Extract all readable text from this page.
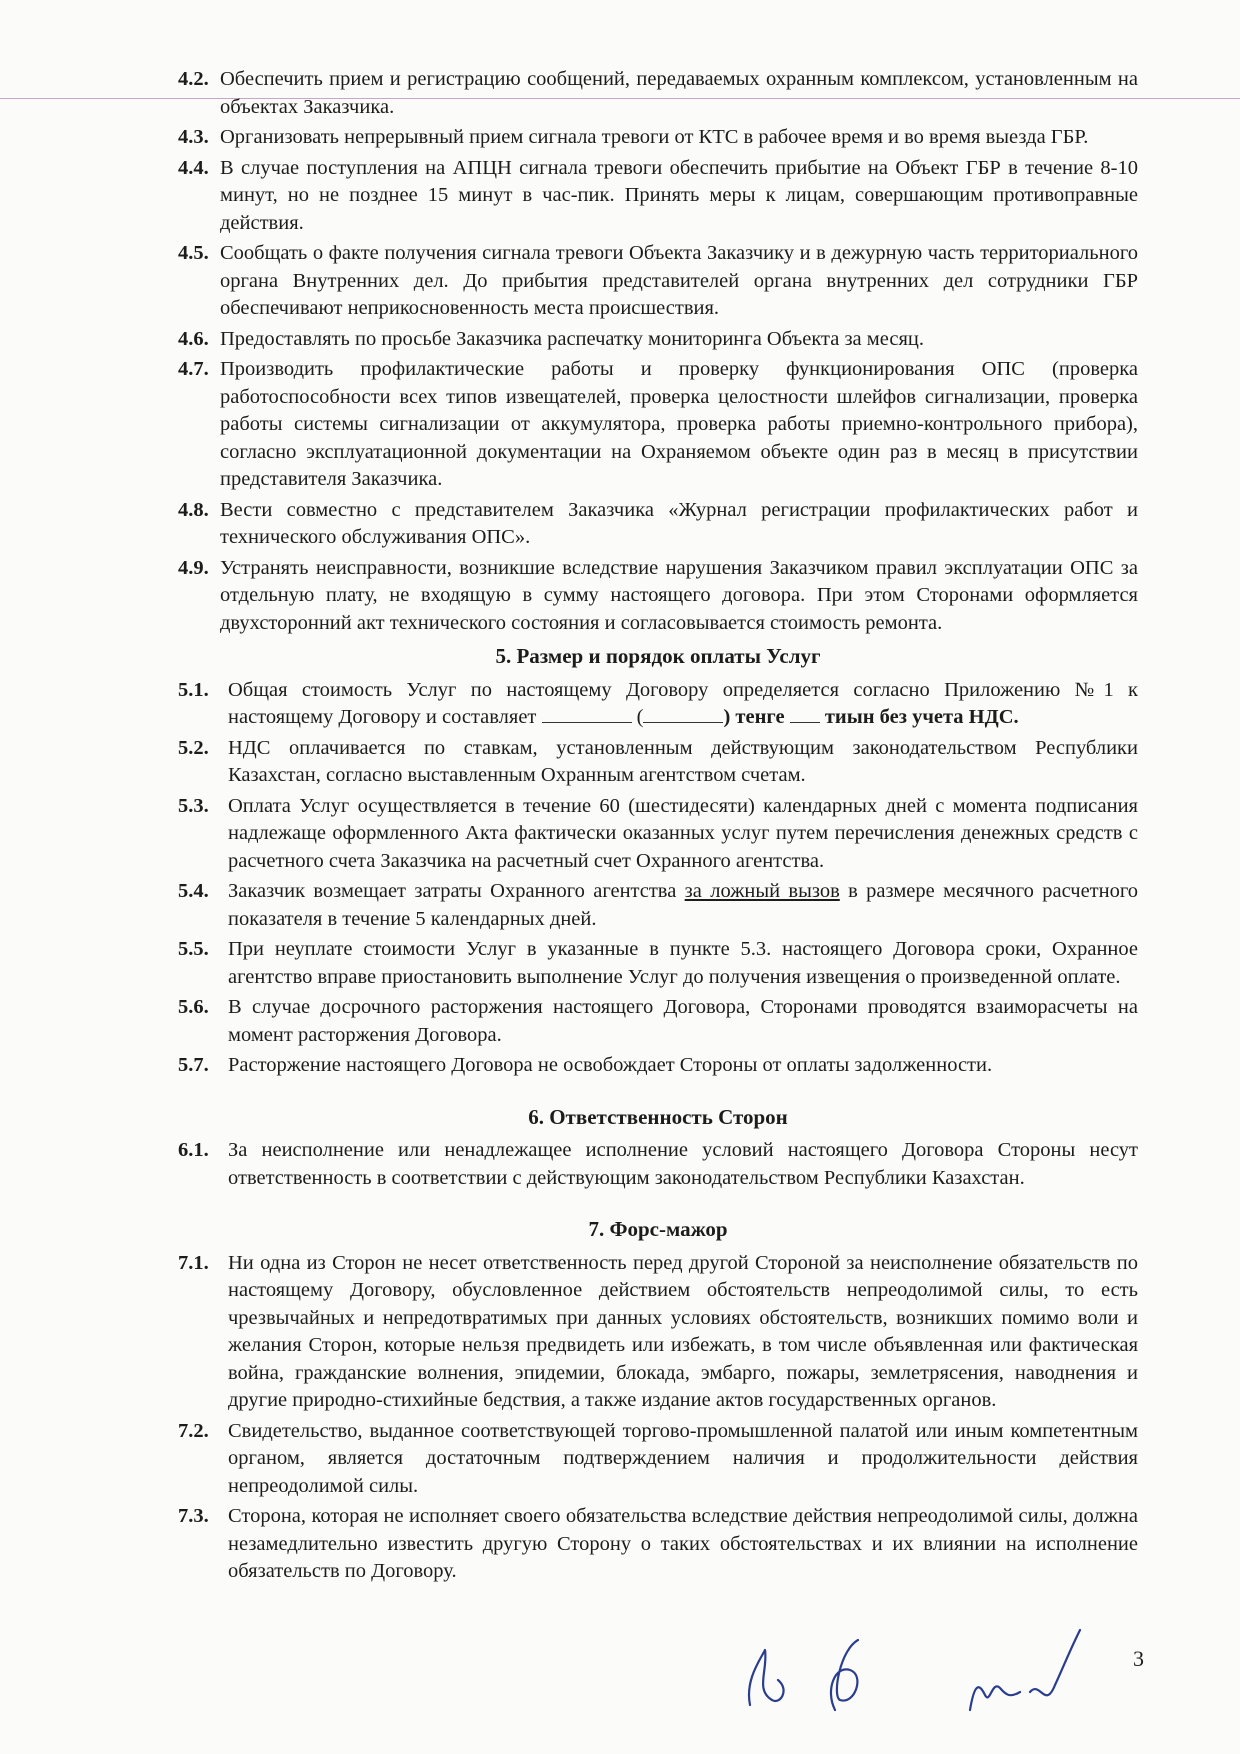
4.2. Обеспечить прием и регистрацию сообщений, передаваемых охранным комплексом, установленным на объектах Заказчика.
4.3. Организовать непрерывный прием сигнала тревоги от КТС в рабочее время и во время выезда ГБР.
4.4. В случае поступления на АПЦН сигнала тревоги обеспечить прибытие на Объект ГБР в течение 8-10 минут, но не позднее 15 минут в час-пик. Принять меры к лицам, совершающим противоправные действия.
4.5. Сообщать о факте получения сигнала тревоги Объекта Заказчику и в дежурную часть территориального органа Внутренних дел. До прибытия представителей органа внутренних дел сотрудники ГБР обеспечивают неприкосновенность места происшествия.
4.6. Предоставлять по просьбе Заказчика распечатку мониторинга Объекта за месяц.
4.7. Производить профилактические работы и проверку функционирования ОПС (проверка работоспособности всех типов извещателей, проверка целостности шлейфов сигнализации, проверка работы системы сигнализации от аккумулятора, проверка работы приемно-контрольного прибора), согласно эксплуатационной документации на Охраняемом объекте один раз в месяц в присутствии представителя Заказчика.
4.8. Вести совместно с представителем Заказчика «Журнал регистрации профилактических работ и технического обслуживания ОПС».
4.9. Устранять неисправности, возникшие вследствие нарушения Заказчиком правил эксплуатации ОПС за отдельную плату, не входящую в сумму настоящего договора. При этом Сторонами оформляется двухсторонний акт технического состояния и согласовывается стоимость ремонта.
5. Размер и порядок оплаты Услуг
5.1. Общая стоимость Услуг по настоящему Договору определяется согласно Приложению №1 к настоящему Договору и составляет	(	) тенге тиын без учета НДС.
5.2. НДС оплачивается по ставкам, установленным действующим законодательством Республики Казахстан, согласно выставленным Охранным агентством счетам.
5.3. Оплата Услуг осуществляется в течение 60 (шестидесяти) календарных дней с момента подписания надлежаще оформленного Акта фактически оказанных услуг путем перечисления денежных средств с расчетного счета Заказчика на расчетный счет Охранного агентства.
5.4. Заказчик возмещает затраты Охранного агентства за ложный вызов в размере месячного расчетного показателя в течение 5 календарных дней.
5.5. При неуплате стоимости Услуг в указанные в пункте 5.3. настоящего Договора сроки, Охранное агентство вправе приостановить выполнение Услуг до получения извещения о произведенной оплате.
5.6. В случае досрочного расторжения настоящего Договора, Сторонами проводятся взаиморасчеты на момент расторжения Договора.
5.7. Расторжение настоящего Договора не освобождает Стороны от оплаты задолженности.
6. Ответственность Сторон
6.1. За неисполнение или ненадлежащее исполнение условий настоящего Договора Стороны несут ответственность в соответствии с действующим законодательством Республики Казахстан.
7. Форс-мажор
7.1. Ни одна из Сторон не несет ответственность перед другой Стороной за неисполнение обязательств по настоящему Договору, обусловленное действием обстоятельств непреодолимой силы, то есть чрезвычайных и непредотвратимых при данных условиях обстоятельств, возникших помимо воли и желания Сторон, которые нельзя предвидеть или избежать, в том числе объявленная или фактическая война, гражданские волнения, эпидемии, блокада, эмбарго, пожары, землетрясения, наводнения и другие природно-стихийные бедствия, а также издание актов государственных органов.
7.2. Свидетельство, выданное соответствующей торгово-промышленной палатой или иным компетентным органом, является достаточным подтверждением наличия и продолжительности действия непреодолимой силы.
7.3. Сторона, которая не исполняет своего обязательства вследствие действия непреодолимой силы, должна незамедлительно известить другую Сторону о таких обстоятельствах и их влиянии на исполнение обязательств по Договору.
3
